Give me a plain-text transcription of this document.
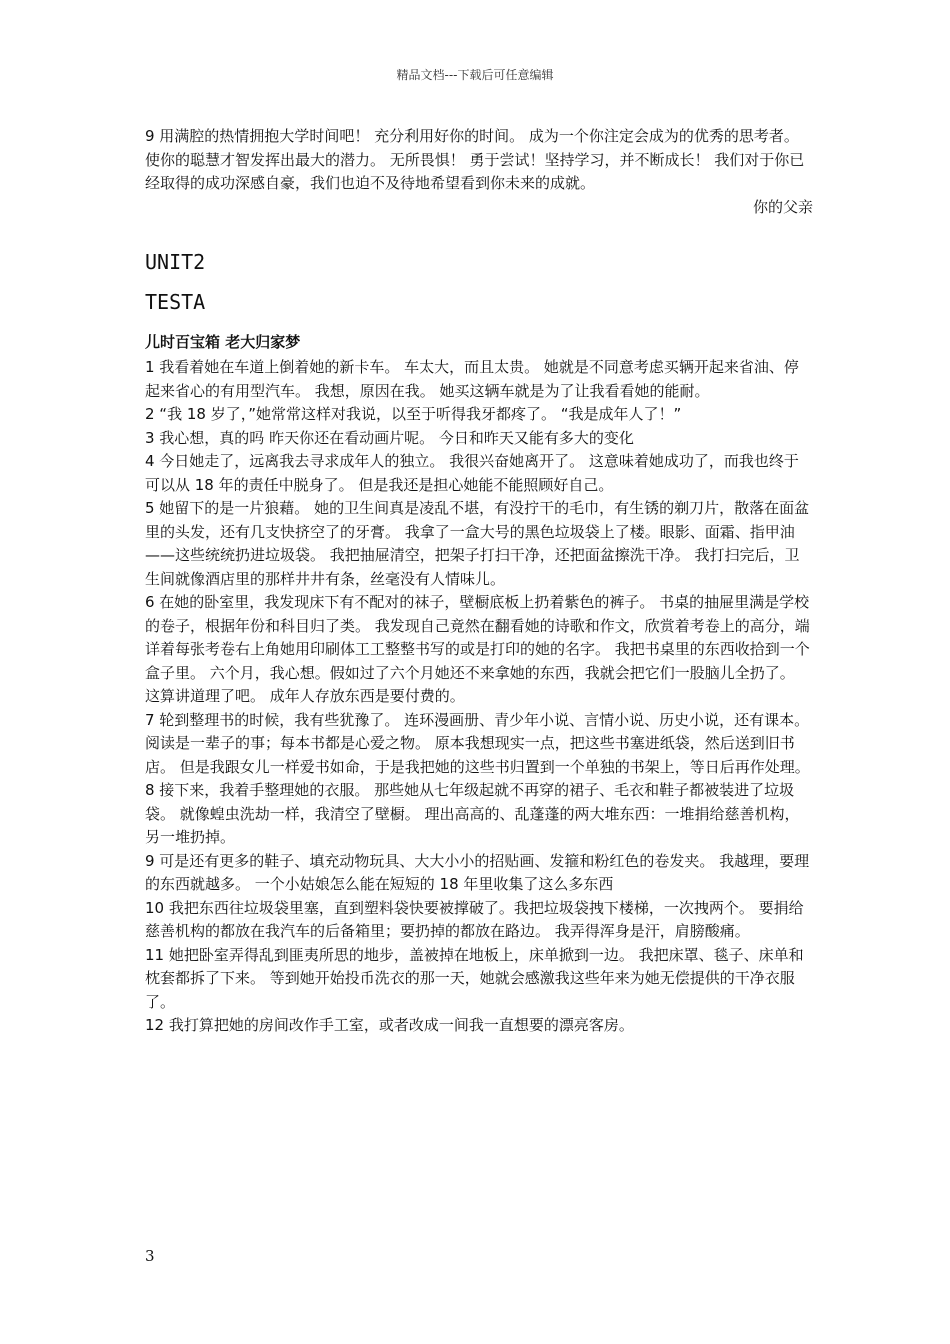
精品文档---下载后可任意编辑

9 用满腔的热情拥抱大学时间吧！ 充分利用好你的时间。 成为一个你注定会成为的优秀的思考者。 使你的聪慧才智发挥出最大的潜力。 无所畏惧！ 勇于尝试！坚持学习，并不断成长！ 我们对于你已经取得的成功深感自豪，我们也迫不及待地希望看到你未来的成就。

你的父亲

UNIT2
TESTA

儿时百宝箱 老大归家梦

1 我看着她在车道上倒着她的新卡车。 车太大，而且太贵。 她就是不同意考虑买辆开起来省油、停起来省心的有用型汽车。 我想，原因在我。 她买这辆车就是为了让我看看她的能耐。

2 “我 18 岁了，”她常常这样对我说，以至于听得我牙都疼了。 “我是成年人了！”

3 我心想，真的吗 昨天你还在看动画片呢。 今日和昨天又能有多大的变化

4 今日她走了，远离我去寻求成年人的独立。 我很兴奋她离开了。 这意味着她成功了，而我也终于可以从 18 年的责任中脱身了。 但是我还是担心她能不能照顾好自己。

5 她留下的是一片狼藉。 她的卫生间真是凌乱不堪，有没拧干的毛巾，有生锈的剃刀片，散落在面盆里的头发，还有几支快挤空了的牙膏。 我拿了一盒大号的黑色垃圾袋上了楼。眼影、面霜、指甲油——这些统统扔进垃圾袋。 我把抽屉清空，把架子打扫干净，还把面盆擦洗干净。 我打扫完后，卫生间就像酒店里的那样井井有条，丝毫没有人情味儿。

6 在她的卧室里，我发现床下有不配对的袜子，壁橱底板上扔着紫色的裤子。 书桌的抽屉里满是学校的卷子，根据年份和科目归了类。 我发现自己竟然在翻看她的诗歌和作文，欣赏着考卷上的高分，端详着每张考卷右上角她用印刷体工工整整书写的或是打印的她的名字。 我把书桌里的东西收拾到一个盒子里。 六个月，我心想。假如过了六个月她还不来拿她的东西，我就会把它们一股脑儿全扔了。 这算讲道理了吧。 成年人存放东西是要付费的。

7 轮到整理书的时候，我有些犹豫了。 连环漫画册、青少年小说、言情小说、历史小说，还有课本。 阅读是一辈子的事；每本书都是心爱之物。 原本我想现实一点，把这些书塞进纸袋，然后送到旧书店。 但是我跟女儿一样爱书如命，于是我把她的这些书归置到一个单独的书架上，等日后再作处理。

8 接下来，我着手整理她的衣服。 那些她从七年级起就不再穿的裙子、毛衣和鞋子都被装进了垃圾袋。 就像蝗虫洗劫一样，我清空了壁橱。 理出高高的、乱蓬蓬的两大堆东西：一堆捐给慈善机构，另一堆扔掉。

9 可是还有更多的鞋子、填充动物玩具、大大小小的招贴画、发箍和粉红色的卷发夹。 我越理，要理的东西就越多。 一个小姑娘怎么能在短短的 18 年里收集了这么多东西

10 我把东西往垃圾袋里塞，直到塑料袋快要被撑破了。我把垃圾袋拽下楼梯，一次拽两个。 要捐给慈善机构的都放在我汽车的后备箱里；要扔掉的都放在路边。 我弄得浑身是汗，肩膀酸痛。

11 她把卧室弄得乱到匪夷所思的地步，盖被掉在地板上，床单掀到一边。 我把床罩、毯子、床单和枕套都拆了下来。 等到她开始投币洗衣的那一天，她就会感激我这些年来为她无偿提供的干净衣服了。

12 我打算把她的房间改作手工室，或者改成一间我一直想要的漂亮客房。

3
